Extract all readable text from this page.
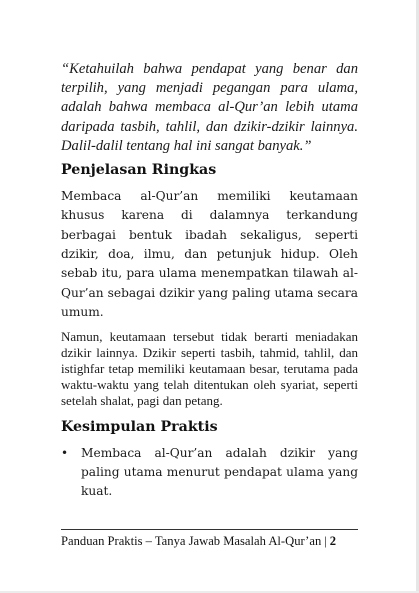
“Ketahuilah bahwa pendapat yang benar dan terpilih, yang menjadi pegangan para ulama, adalah bahwa membaca al-Qur’an lebih utama daripada tasbih, tahlil, dan dzikir-dzikir lainnya. Dalil-dalil tentang hal ini sangat banyak.”

Penjelasan Ringkas

Membaca al-Qur’an memiliki keutamaan khusus karena di dalamnya terkandung berbagai bentuk ibadah sekaligus, seperti dzikir, doa, ilmu, dan petunjuk hidup. Oleh sebab itu, para ulama menempatkan tilawah al-Qur’an sebagai dzikir yang paling utama secara umum.

Namun, keutamaan tersebut tidak berarti meniadakan dzikir lainnya. Dzikir seperti tasbih, tahmid, tahlil, dan istighfar tetap memiliki keutamaan besar, terutama pada waktu-waktu yang telah ditentukan oleh syariat, seperti setelah shalat, pagi dan petang.

Kesimpulan Praktis
• Membaca al-Qur’an adalah dzikir yang paling utama menurut pendapat ulama yang kuat.
Panduan Praktis – Tanya Jawab Masalah Al-Qur’an | 2
